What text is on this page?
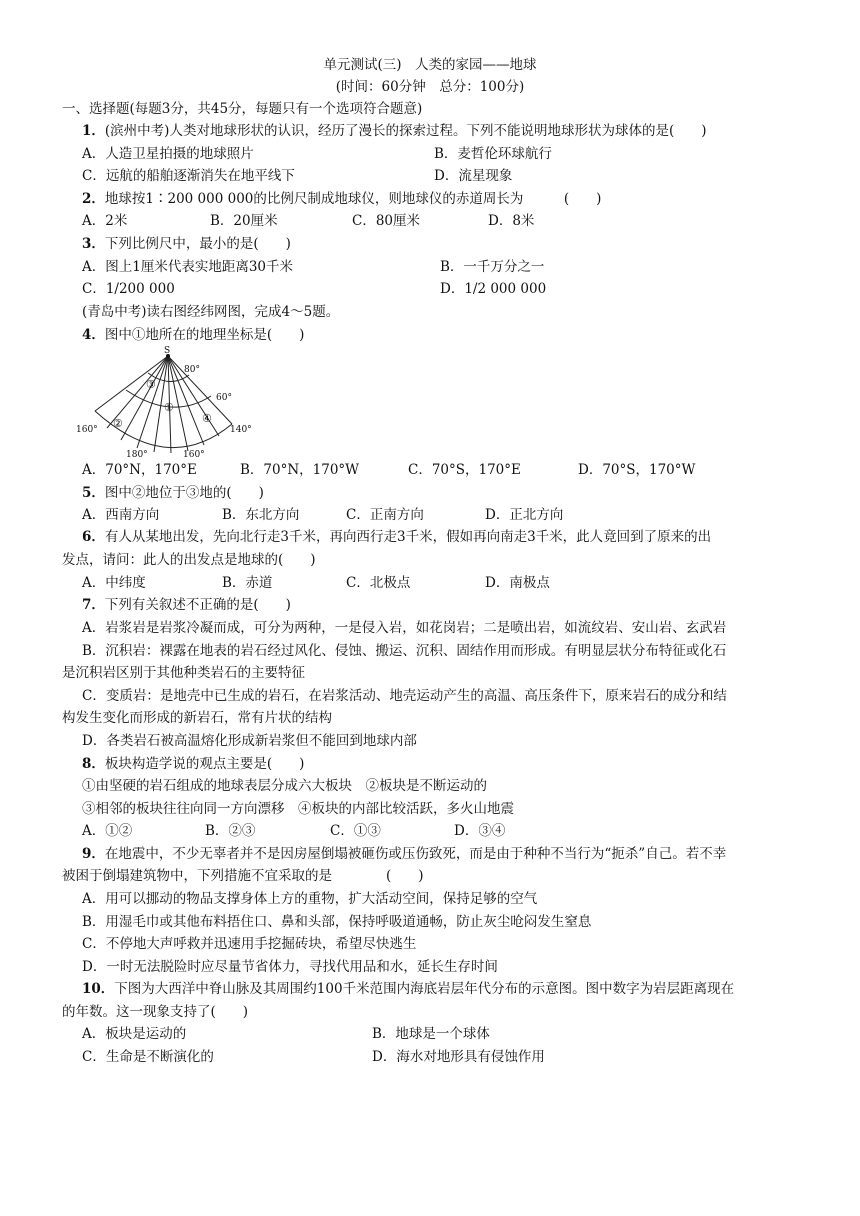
单元测试(三)　人类的家园——地球
(时间：60分钟　总分：100分)
一、选择题(每题3分，共45分，每题只有一个选项符合题意)
1．(滨州中考)人类对地球形状的认识，经历了漫长的探索过程。下列不能说明地球形状为球体的是(　　)
A．人造卫星拍摄的地球照片	B．麦哲伦环球航行
C．远航的船舶逐渐消失在地平线下	D．流星现象
2．地球按1∶200 000 000的比例尺制成地球仪，则地球仪的赤道周长为　　　(　　)
A．2米	B．20厘米	C．80厘米	D．8米
3．下列比例尺中，最小的是(　　)
A．图上1厘米代表实地距离30千米	B．一千万分之一
C．1/200 000	D．1/2 000 000
(青岛中考)读右图经纬网图，完成4～5题。
4．图中①地所在的地理坐标是(　　)
S
80°
60°
160°	140°
180°	160°
③
①
②	④
A．70°N，170°E	B．70°N，170°W	C．70°S，170°E	D．70°S，170°W
5．图中②地位于③地的(　　)
A．西南方向	B．东北方向	C．正南方向	D．正北方向
6．有人从某地出发，先向北行走3千米，再向西行走3千米，假如再向南走3千米，此人竟回到了原来的出
发点，请问：此人的出发点是地球的(　　)
A．中纬度	B．赤道	C．北极点	D．南极点
7．下列有关叙述不正确的是(　　)
A．岩浆岩是岩浆冷凝而成，可分为两种，一是侵入岩，如花岗岩；二是喷出岩，如流纹岩、安山岩、玄武岩
B．沉积岩：裸露在地表的岩石经过风化、侵蚀、搬运、沉积、固结作用而形成。有明显层状分布特征或化石
是沉积岩区别于其他种类岩石的主要特征
C．变质岩：是地壳中已生成的岩石，在岩浆活动、地壳运动产生的高温、高压条件下，原来岩石的成分和结
构发生变化而形成的新岩石，常有片状的结构
D．各类岩石被高温熔化形成新岩浆但不能回到地球内部
8．板块构造学说的观点主要是(　　)
①由坚硬的岩石组成的地球表层分成六大板块　②板块是不断运动的
③相邻的板块往往向同一方向漂移　④板块的内部比较活跃，多火山地震
A．①②	B．②③	C．①③	D．③④
9．在地震中，不少无辜者并不是因房屋倒塌被砸伤或压伤致死，而是由于种种不当行为“扼杀”自己。若不幸
被困于倒塌建筑物中，下列措施不宜采取的是　　　　(　　)
A．用可以挪动的物品支撑身体上方的重物，扩大活动空间，保持足够的空气
B．用湿毛巾或其他布料捂住口、鼻和头部，保持呼吸道通畅，防止灰尘呛闷发生窒息
C．不停地大声呼救并迅速用手挖掘砖块，希望尽快逃生
D．一时无法脱险时应尽量节省体力，寻找代用品和水，延长生存时间
10．下图为大西洋中脊山脉及其周围约100千米范围内海底岩层年代分布的示意图。图中数字为岩层距离现在
的年数。这一现象支持了(　　)
A．板块是运动的	B．地球是一个球体
C．生命是不断演化的	D．海水对地形具有侵蚀作用
